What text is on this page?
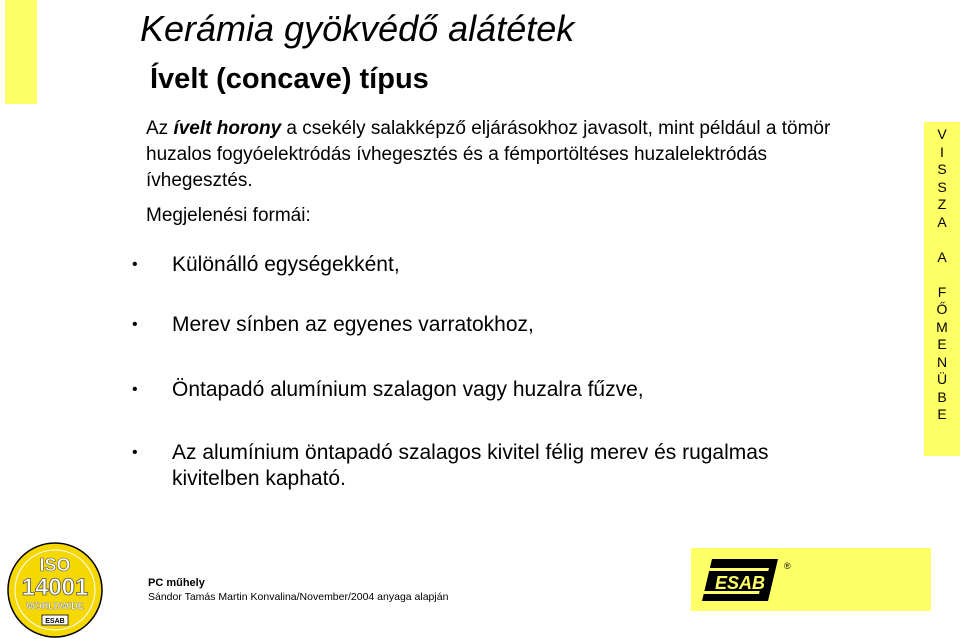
Kerámia gyökvédő alátétek
Ívelt (concave) típus
Az ívelt horony a csekély salakképző eljárásokhoz javasolt, mint például a tömör huzalos fogyóelektródás ívhegesztés és a fémportöltéses huzalelektródás ívhegesztés.
Megjelenési formái:
• Különálló egységekként,
• Merev sínben az egyenes varratokhoz,
• Öntapadó alumínium szalagon vagy huzalra fűzve,
• Az alumínium öntapadó szalagos kivitel félig merev és rugalmas kivitelben kapható.
V
I
S
S
Z
A

A

F
Ő
M
E
N
Ü
B
E
ISO
14001
WORLDWIDE
ESAB
PC műhely
Sándor Tamás Martin Konvalina/November/2004 anyaga alapján
ESAB
®
